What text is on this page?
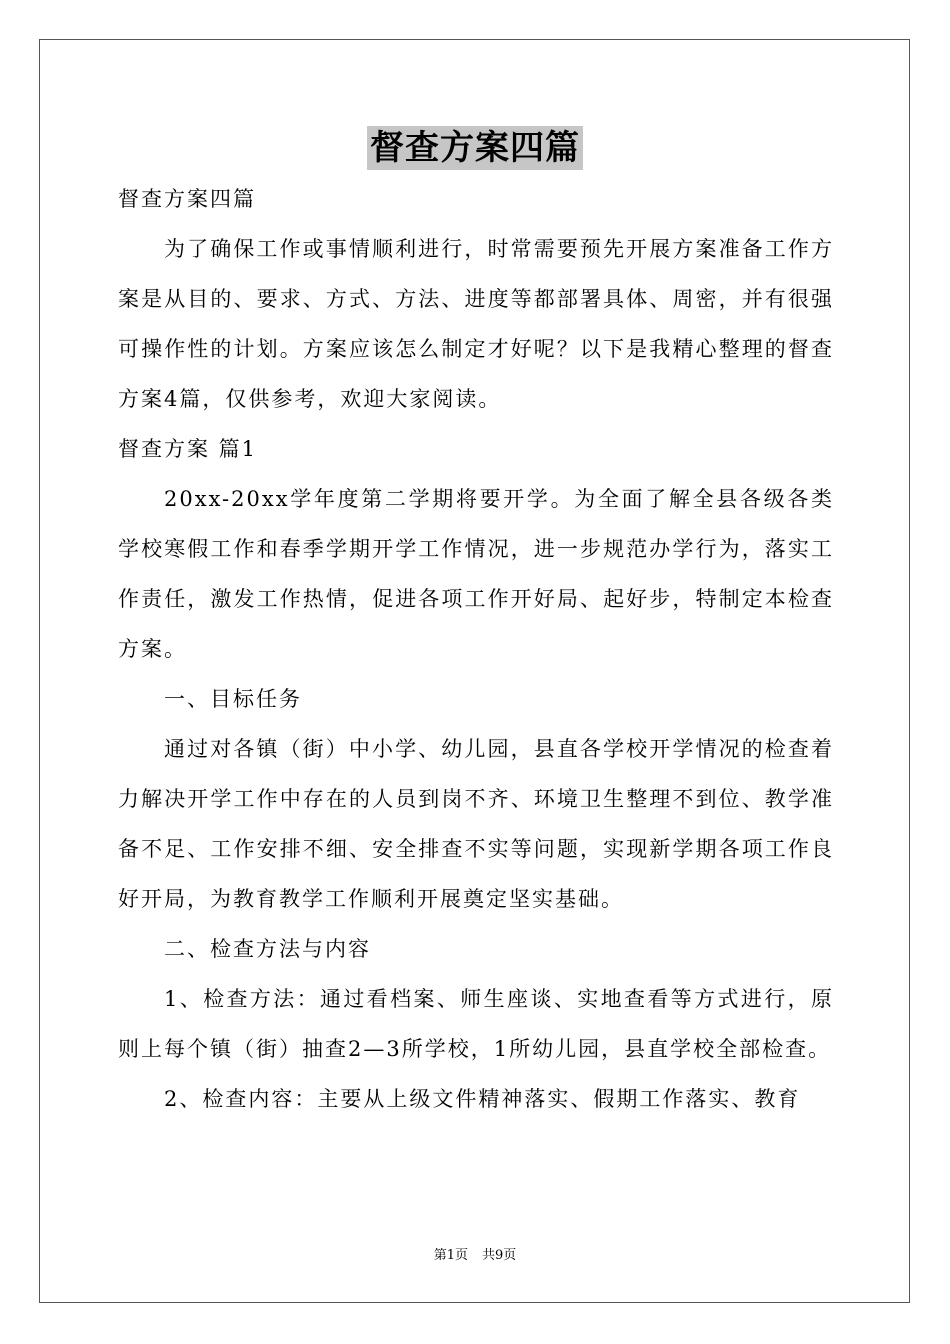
督查方案四篇

督查方案四篇

为了确保工作或事情顺利进行，时常需要预先开展方案准备工作方案是从目的、要求、方式、方法、进度等都部署具体、周密，并有很强可操作性的计划。方案应该怎么制定才好呢？以下是我精心整理的督查方案4篇，仅供参考，欢迎大家阅读。

督查方案 篇1

20xx-20xx学年度第二学期将要开学。为全面了解全县各级各类学校寒假工作和春季学期开学工作情况，进一步规范办学行为，落实工作责任，激发工作热情，促进各项工作开好局、起好步，特制定本检查方案。

一、目标任务

通过对各镇（街）中小学、幼儿园，县直各学校开学情况的检查着力解决开学工作中存在的人员到岗不齐、环境卫生整理不到位、教学准备不足、工作安排不细、安全排查不实等问题，实现新学期各项工作良好开局，为教育教学工作顺利开展奠定坚实基础。

二、检查方法与内容

1、检查方法：通过看档案、师生座谈、实地查看等方式进行，原则上每个镇（街）抽查2—3所学校，1所幼儿园，县直学校全部检查。

2、检查内容：主要从上级文件精神落实、假期工作落实、教育

第1页 共9页
